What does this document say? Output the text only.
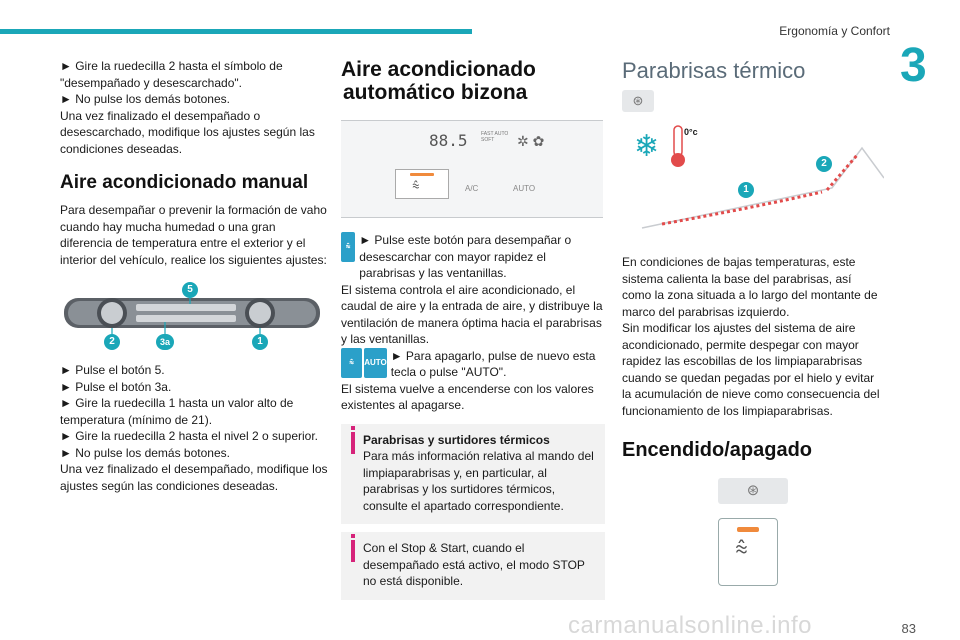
Ergonomía y Confort
3

► Gire la ruedecilla 2 hasta el símbolo de "desempañado y desescarchado".

► No pulse los demás botones.

Una vez finalizado el desempañado o desescarchado, modifique los ajustes según las condiciones deseadas.

Aire acondicionado manual

Para desempañar o prevenir la formación de vaho cuando hay mucha humedad o una gran diferencia de temperatura entre el exterior y el interior del vehículo, realice los siguientes ajustes:

5
2	3a	1

► Pulse el botón 5.

► Pulse el botón 3a.

► Gire la ruedecilla 1 hasta un valor alto de temperatura (mínimo de 21).

► Gire la ruedecilla 2 hasta el nivel 2 o superior.

► No pulse los demás botones.

Una vez finalizado el desempañado, modifique los ajustes según las condiciones deseadas.

Aire acondicionado
automático bizona
88.5	FAST AUTO SOFT	✲ ✿
⩯	A/C	AUTO
⩯ ► Pulse este botón para desempañar o desescarchar con mayor rapidez el parabrisas y las ventanillas.

El sistema controla el aire acondicionado, el caudal de aire y la entrada de aire, y distribuye la ventilación de manera óptima hacia el parabrisas y las ventanillas.

⩯	AUTO ► Para apagarlo, pulse de nuevo esta tecla o pulse "AUTO".

El sistema vuelve a encenderse con los valores existentes al apagarse.

Parabrisas y surtidores térmicos

Para más información relativa al mando del limpiaparabrisas y, en particular, al parabrisas y los surtidores térmicos, consulte el apartado correspondiente.

Con el Stop & Start, cuando el desempañado está activo, el modo STOP no está disponible.

Parabrisas térmico
⊛
❄	0°c
1
2

En condiciones de bajas temperaturas, este sistema calienta la base del parabrisas, así como la zona situada a lo largo del montante de marco del parabrisas izquierdo.

Sin modificar los ajustes del sistema de aire acondicionado, permite despegar con mayor rapidez las escobillas de los limpiaparabrisas cuando se quedan pegadas por el hielo y evitar la acumulación de nieve como consecuencia del funcionamiento de los limpiaparabrisas.

Encendido/apagado
⊛
⩯
carmanualsonline.info	83
